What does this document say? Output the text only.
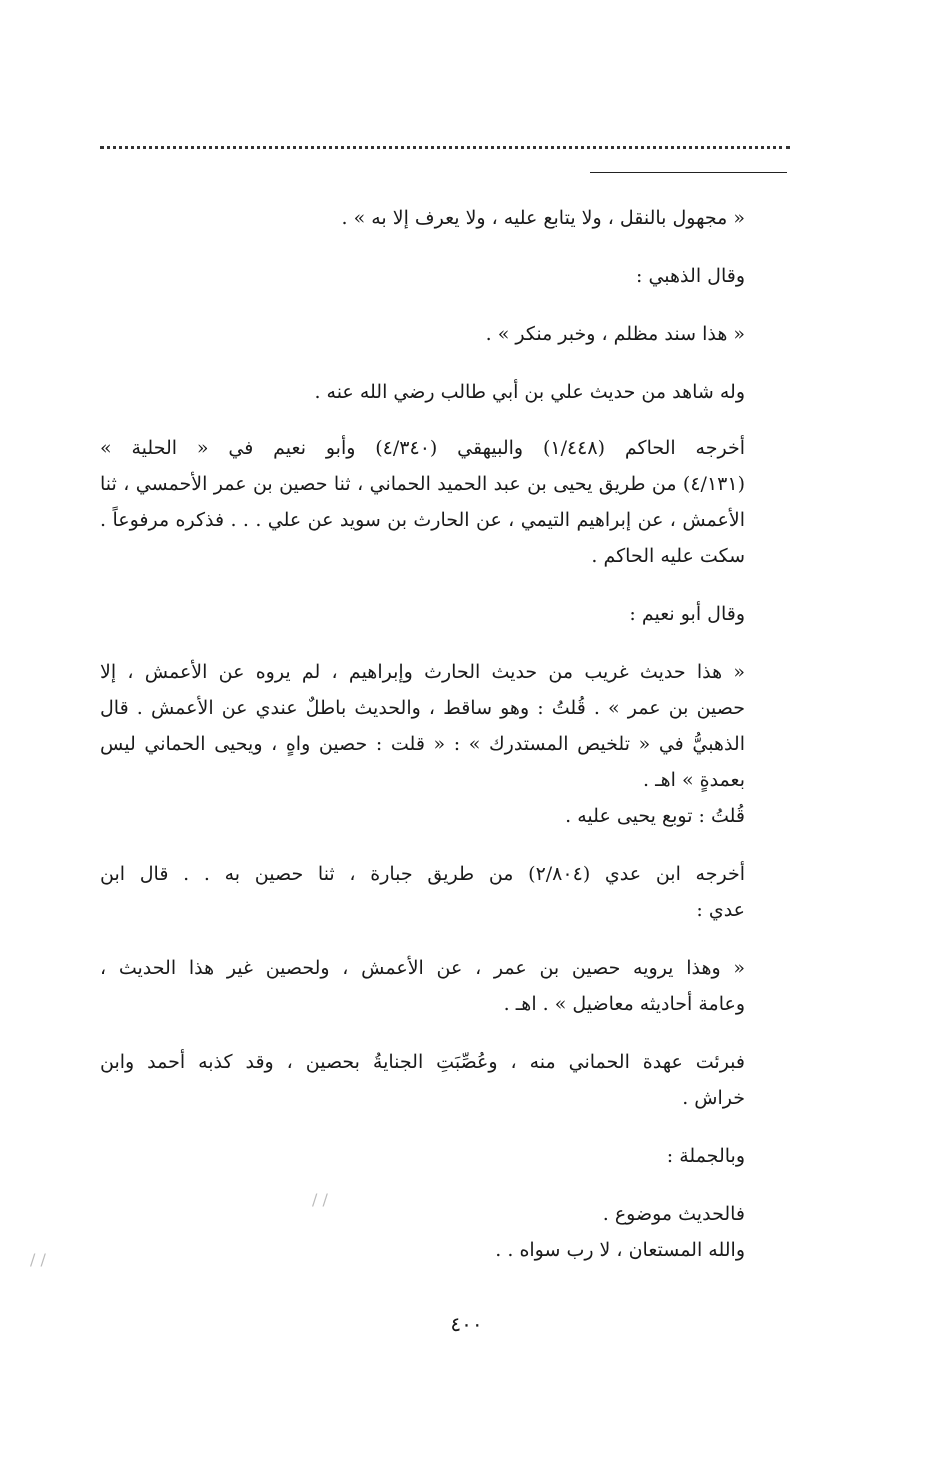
« مجهول بالنقل ، ولا يتابع عليه ، ولا يعرف إلا به » .
وقال الذهبي :
« هذا سند مظلم ، وخبر منكر » .
وله شاهد من حديث علي بن أبي طالب رضي الله عنه .
أخرجه الحاكم (١/٤٤٨) والبيهقي (٤/٣٤٠) وأبو نعيم في « الحلية »
(٤/١٣١) من طريق يحيى بن عبد الحميد الحماني ، ثنا حصين بن عمر الأحمسي ، ثنا
الأعمش ، عن إبراهيم التيمي ، عن الحارث بن سويد عن علي . . . فذكره مرفوعاً .
سكت عليه الحاكم .
وقال أبو نعيم :
« هذا حديث غريب من حديث الحارث وإبراهيم ، لم يروه عن الأعمش ، إلا
حصين بن عمر » . قُلتُ : وهو ساقط ، والحديث باطلٌ عندي عن الأعمش . قال
الذهبيُّ في « تلخيص المستدرك » : « قلت : حصين واهٍ ، ويحيى الحماني ليس
بعمدةٍ » اهـ .
قُلتُ : توبع يحيى عليه .
أخرجه ابن عدي (٢/٨٠٤) من طريق جبارة ، ثنا حصين به . . قال ابن
عدي :
« وهذا يرويه حصين بن عمر ، عن الأعمش ، ولحصين غير هذا الحديث ،
وعامة أحاديثه معاضيل » . اهـ .
فبرئت عهدة الحماني منه ، وعُصِّبَتِ الجنايةُ بحصين ، وقد كذبه أحمد وابن
خراش .
وبالجملة :
فالحديث موضوع .
والله المستعان ، لا رب سواه . .
٤٠٠
/ /
/ /
